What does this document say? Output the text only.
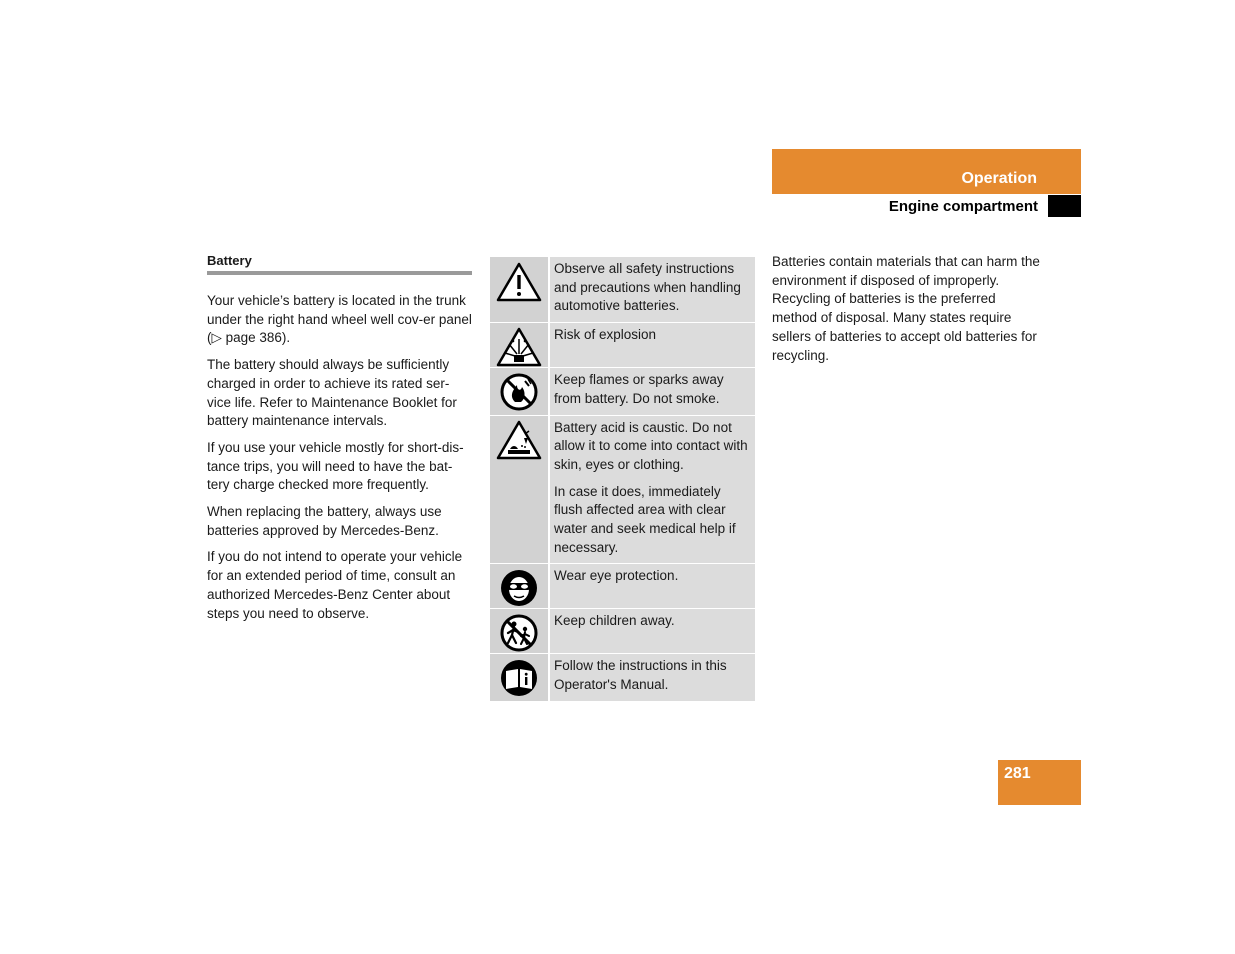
Operation
Engine compartment
Battery

Your vehicle’s battery is located in the trunk under the right hand wheel well cov-er panel (▷ page 386).

The battery should always be sufficiently charged in order to achieve its rated ser-vice life. Refer to Maintenance Booklet for battery maintenance intervals.

If you use your vehicle mostly for short-dis-tance trips, you will need to have the bat-tery charge checked more frequently.

When replacing the battery, always use batteries approved by Mercedes-Benz.

If you do not intend to operate your vehicle for an extended period of time, consult an authorized Mercedes-Benz Center about steps you need to observe.

	Observe all safety instructions and precautions when handling automotive batteries.

	Risk of explosion

	Keep flames or sparks away from battery. Do not smoke.

Battery acid is caustic. Do not allow it to come into contact with skin, eyes or clothing.

In case it does, immediately flush affected area with clear water and seek medical help if necessary.

	Wear eye protection.

	Keep children away.

	Follow the instructions in this Operator's Manual.

Batteries contain materials that can harm the environment if disposed of improperly. Recycling of batteries is the preferred method of disposal. Many states require sellers of batteries to accept old batteries for recycling.

281
